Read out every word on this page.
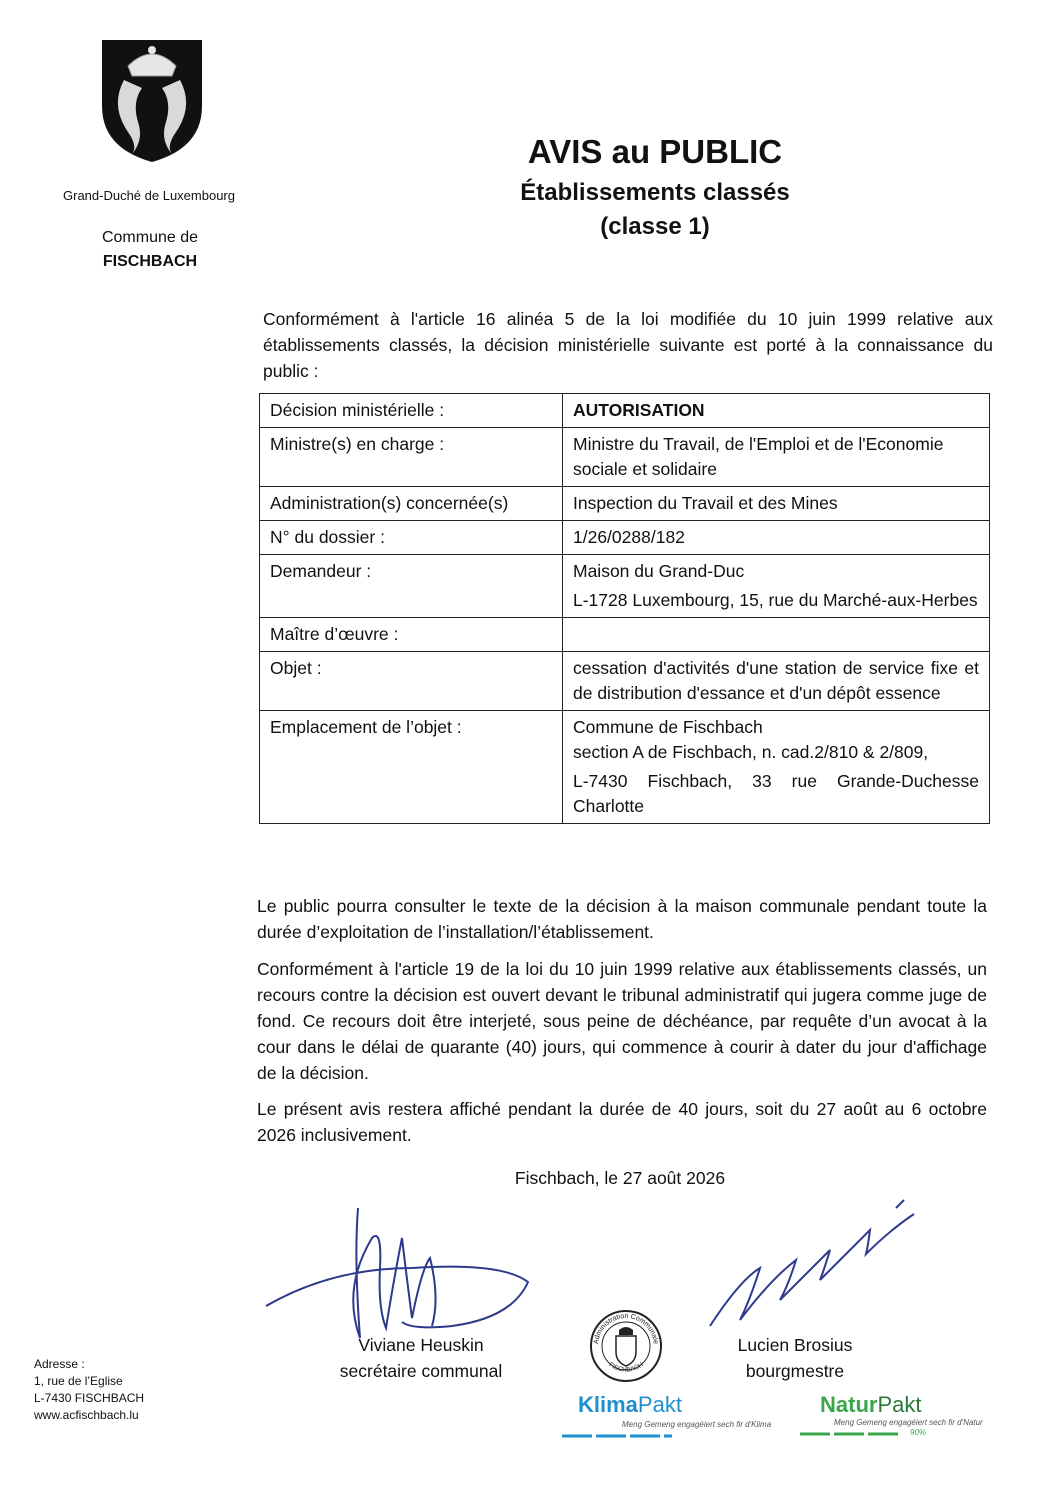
Grand-Duché de Luxembourg
Commune de
FISCHBACH
AVIS au PUBLIC
Établissements classés
(classe 1)
Conformément à l'article 16 alinéa 5 de la loi modifiée du 10 juin 1999 relative aux établissements classés, la décision ministérielle suivante est porté à la connaissance du public :
Décision ministérielle :	AUTORISATION
Ministre(s) en charge :	Ministre du Travail, de l'Emploi et de l'Economie sociale et solidaire
Administration(s) concernée(s)	Inspection du Travail et des Mines
N° du dossier :	1/26/0288/182
Demandeur :	Maison du Grand-Duc
L-1728 Luxembourg, 15, rue du Marché-aux-Herbes

Maître d’œuvre :	
Objet :	cessation d'activités d'une station de service fixe et de distribution d'essance et d'un dépôt essence
Emplacement de l’objet :	Commune de Fischbach
section A de Fischbach, n. cad.2/810 & 2/809,
L-7430 Fischbach, 33 rue Grande-Duchesse Charlotte
Le public pourra consulter le texte de la décision à la maison communale pendant toute la durée d’exploitation de l’installation/l’établissement.
Conformément à l'article 19 de la loi du 10 juin 1999 relative aux établissements classés, un recours contre la décision est ouvert devant le tribunal administratif qui jugera comme juge de fond. Ce recours doit être interjeté, sous peine de déchéance, par requête d’un avocat à la cour dans le délai de quarante (40) jours, qui commence à courir à dater du jour d'affichage de la décision.
Le présent avis restera affiché pendant la durée de 40 jours, soit du 27 août au 6 octobre 2026 inclusivement.
Fischbach, le 27 août 2026
Viviane Heuskin
secrétaire communal
Administration Communale
FISCHBACH
Lucien Brosius
bourgmestre
Adresse :
1, rue de l’Eglise
L-7430 FISCHBACH
www.acfischbach.lu	KlimaPakt
Meng Gemeng engagéiert sech fir d'Klima
NaturPakt
Meng Gemeng engagéiert sech fir d'Natur
90%
